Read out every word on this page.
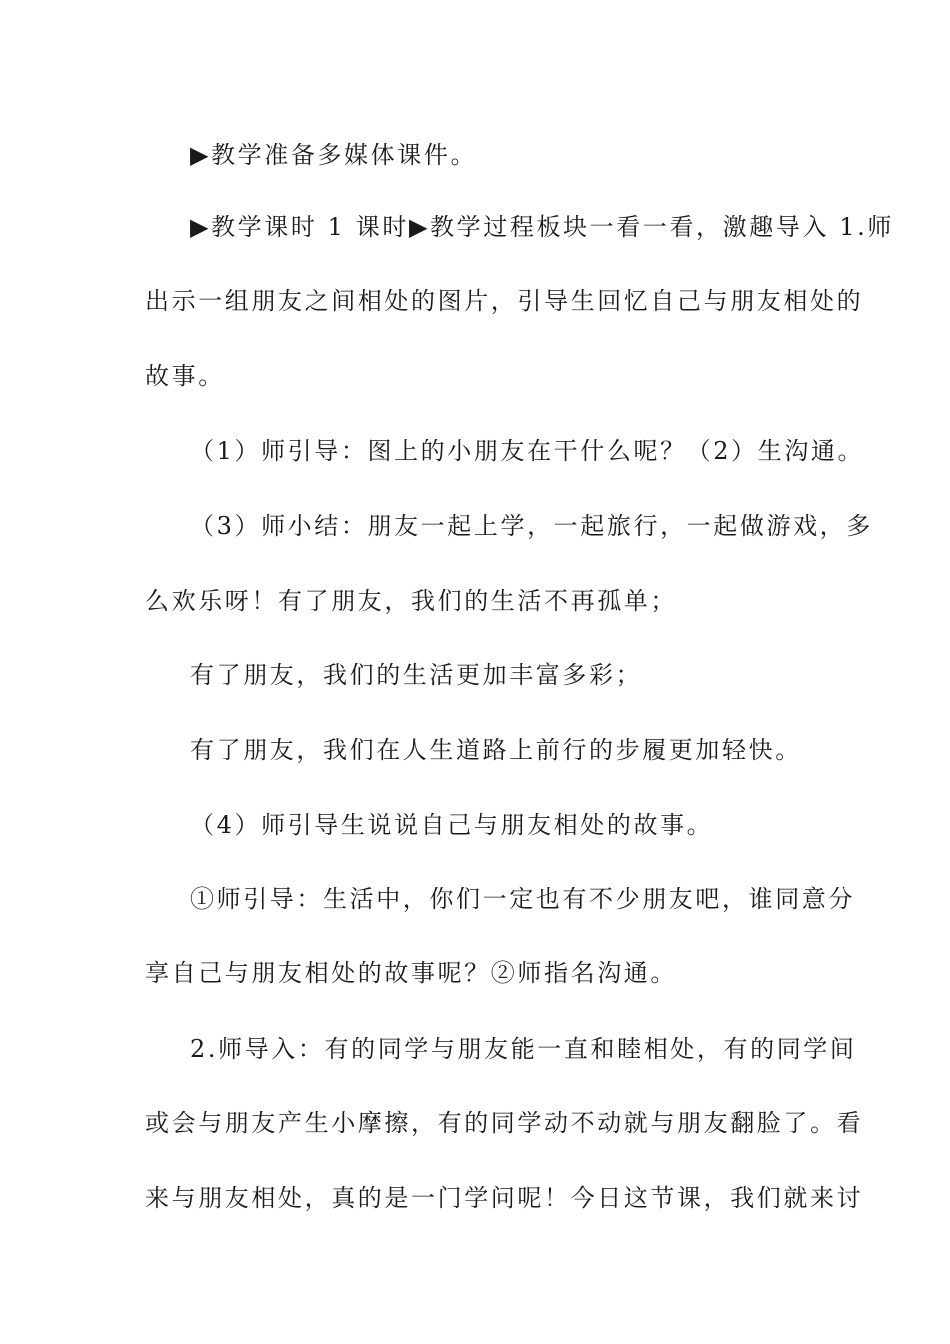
▶教学准备多媒体课件。
▶教学课时 1 课时▶教学过程板块一看一看，激趣导入 1.师
出示一组朋友之间相处的图片，引导生回忆自己与朋友相处的
故事。
（1）师引导：图上的小朋友在干什么呢？（2）生沟通。
（3）师小结：朋友一起上学，一起旅行，一起做游戏，多
么欢乐呀！有了朋友，我们的生活不再孤单；
有了朋友，我们的生活更加丰富多彩；
有了朋友，我们在人生道路上前行的步履更加轻快。
（4）师引导生说说自己与朋友相处的故事。
①师引导：生活中，你们一定也有不少朋友吧，谁同意分
享自己与朋友相处的故事呢？②师指名沟通。
2.师导入：有的同学与朋友能一直和睦相处，有的同学间
或会与朋友产生小摩擦，有的同学动不动就与朋友翻脸了。看
来与朋友相处，真的是一门学问呢！今日这节课，我们就来讨
